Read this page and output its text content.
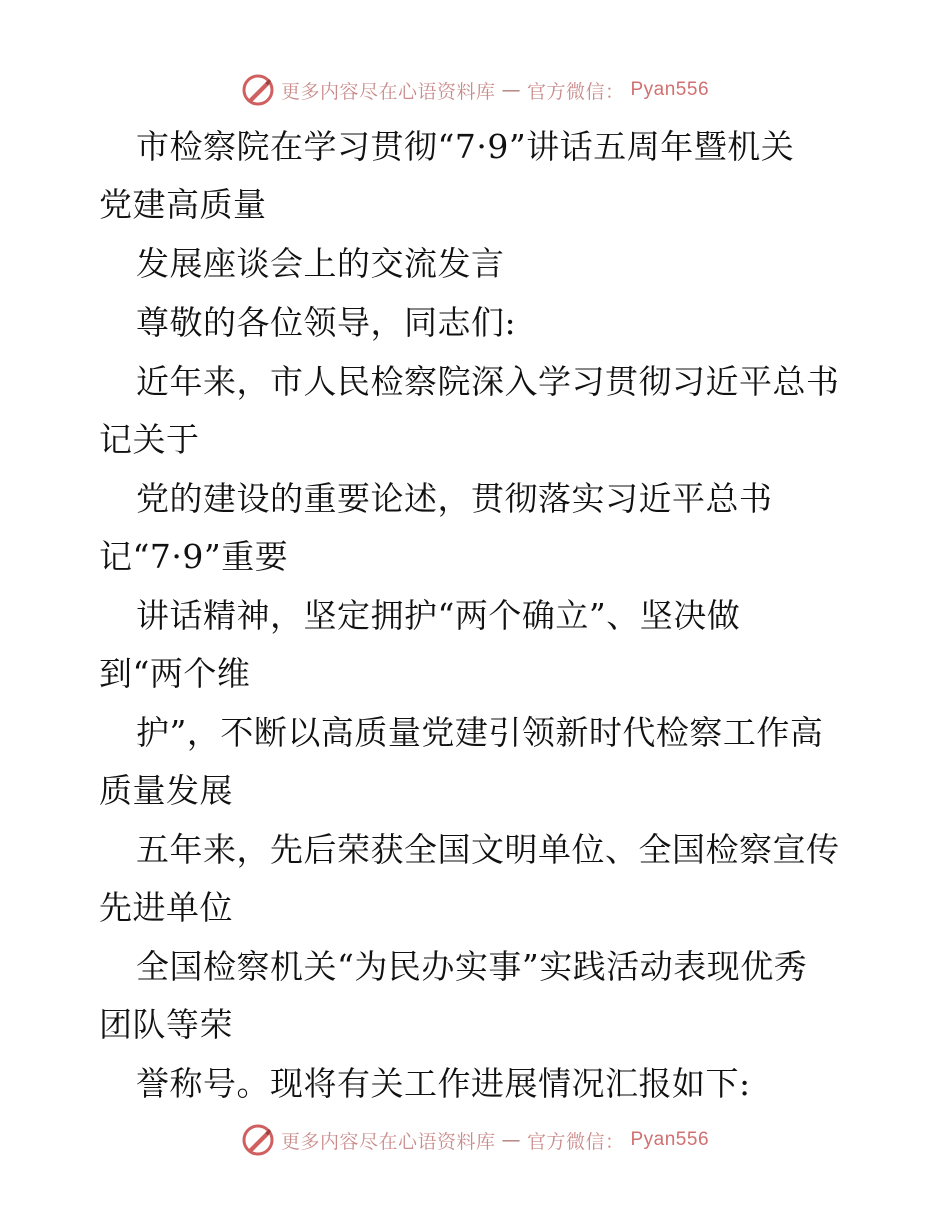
更多内容尽在心语资料库 — 官方微信： Pyan556
市检察院在学习贯彻“7·9”讲话五周年暨机关
党建高质量
发展座谈会上的交流发言
尊敬的各位领导，同志们:
近年来，市人民检察院深入学习贯彻习近平总书
记关于
党的建设的重要论述，贯彻落实习近平总书
记“7·9”重要
讲话精神，坚定拥护“两个确立”、坚决做
到“两个维
护”，不断以高质量党建引领新时代检察工作高
质量发展
五年来，先后荣获全国文明单位、全国检察宣传
先进单位
全国检察机关“为民办实事”实践活动表现优秀
团队等荣
誉称号。现将有关工作进展情况汇报如下:
更多内容尽在心语资料库 — 官方微信： Pyan556
